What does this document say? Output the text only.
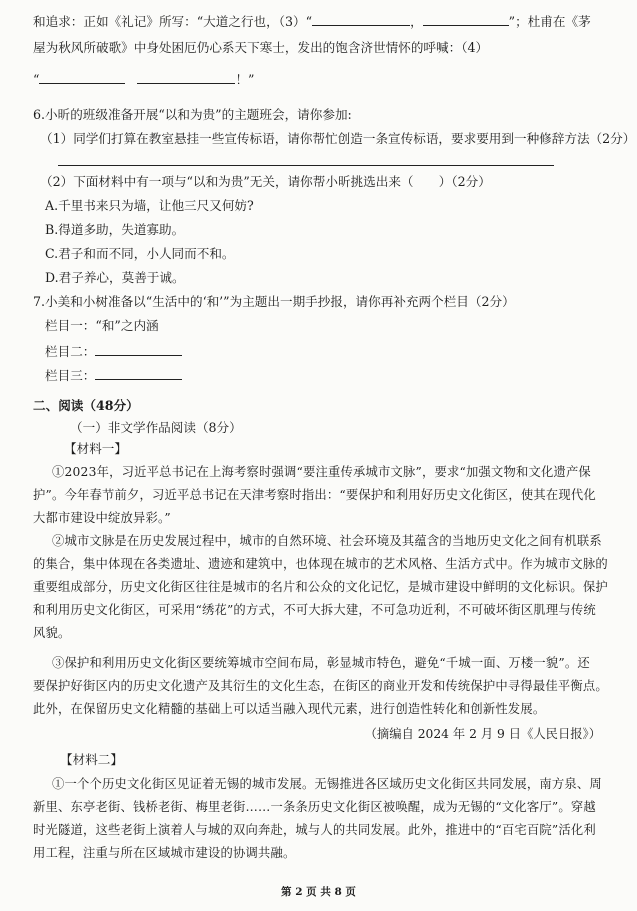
和追求：正如《礼记》所写：“大道之行也，（3）“	，	”；杜甫在《茅
屋为秋风所破歌》中身处困厄仍心系天下寒士，发出的饱含济世情怀的呼喊：（4）
“	！”
6.小昕的班级准备开展“以和为贵”的主题班会，请你参加:
（1）同学们打算在教室悬挂一些宣传标语，请你帮忙创造一条宣传标语，要求要用到一种修辞方法（2分）
（2）下面材料中有一项与“以和为贵”无关，请你帮小昕挑选出来（　　）（2分）
A.千里书来只为墙，让他三尺又何妨?
B.得道多助，失道寡助。
C.君子和而不同，小人同而不和。
D.君子养心，莫善于诚。
7.小美和小树准备以“生活中的‘和’”为主题出一期手抄报，请你再补充两个栏目（2分）
栏目一：“和”之内涵
栏目二：
栏目三：
二、阅读（48分）
（一）非文学作品阅读（8分）
【材料一】
①2023年，习近平总书记在上海考察时强调“要注重传承城市文脉”，要求“加强文物和文化遗产保
护”。今年春节前夕，习近平总书记在天津考察时指出：“要保护和利用好历史文化街区，使其在现代化
大都市建设中绽放异彩。”
②城市文脉是在历史发展过程中，城市的自然环境、社会环境及其蕴含的当地历史文化之间有机联系
的集合，集中体现在各类遗址、遗迹和建筑中，也体现在城市的艺术风格、生活方式中。作为城市文脉的
重要组成部分，历史文化街区往往是城市的名片和公众的文化记忆，是城市建设中鲜明的文化标识。保护
和利用历史文化街区，可采用“绣花”的方式，不可大拆大建，不可急功近利，不可破坏街区肌理与传统
风貌。
③保护和利用历史文化街区要统筹城市空间布局，彰显城市特色，避免“千城一面、万楼一貌”。还
要保护好街区内的历史文化遗产及其衍生的文化生态，在街区的商业开发和传统保护中寻得最佳平衡点。
此外，在保留历史文化精髓的基础上可以适当融入现代元素，进行创造性转化和创新性发展。
（摘编自 2024 年 2 月 9 日《人民日报》）
【材料二】
①一个个历史文化街区见证着无锡的城市发展。无锡推进各区域历史文化街区共同发展，南方泉、周
新里、东亭老街、钱桥老街、梅里老街……一条条历史文化街区被唤醒，成为无锡的“文化客厅”。穿越
时光隧道，这些老街上演着人与城的双向奔赴，城与人的共同发展。此外，推进中的“百宅百院”活化利
用工程，注重与所在区域城市建设的协调共融。
第 2 页 共 8 页
